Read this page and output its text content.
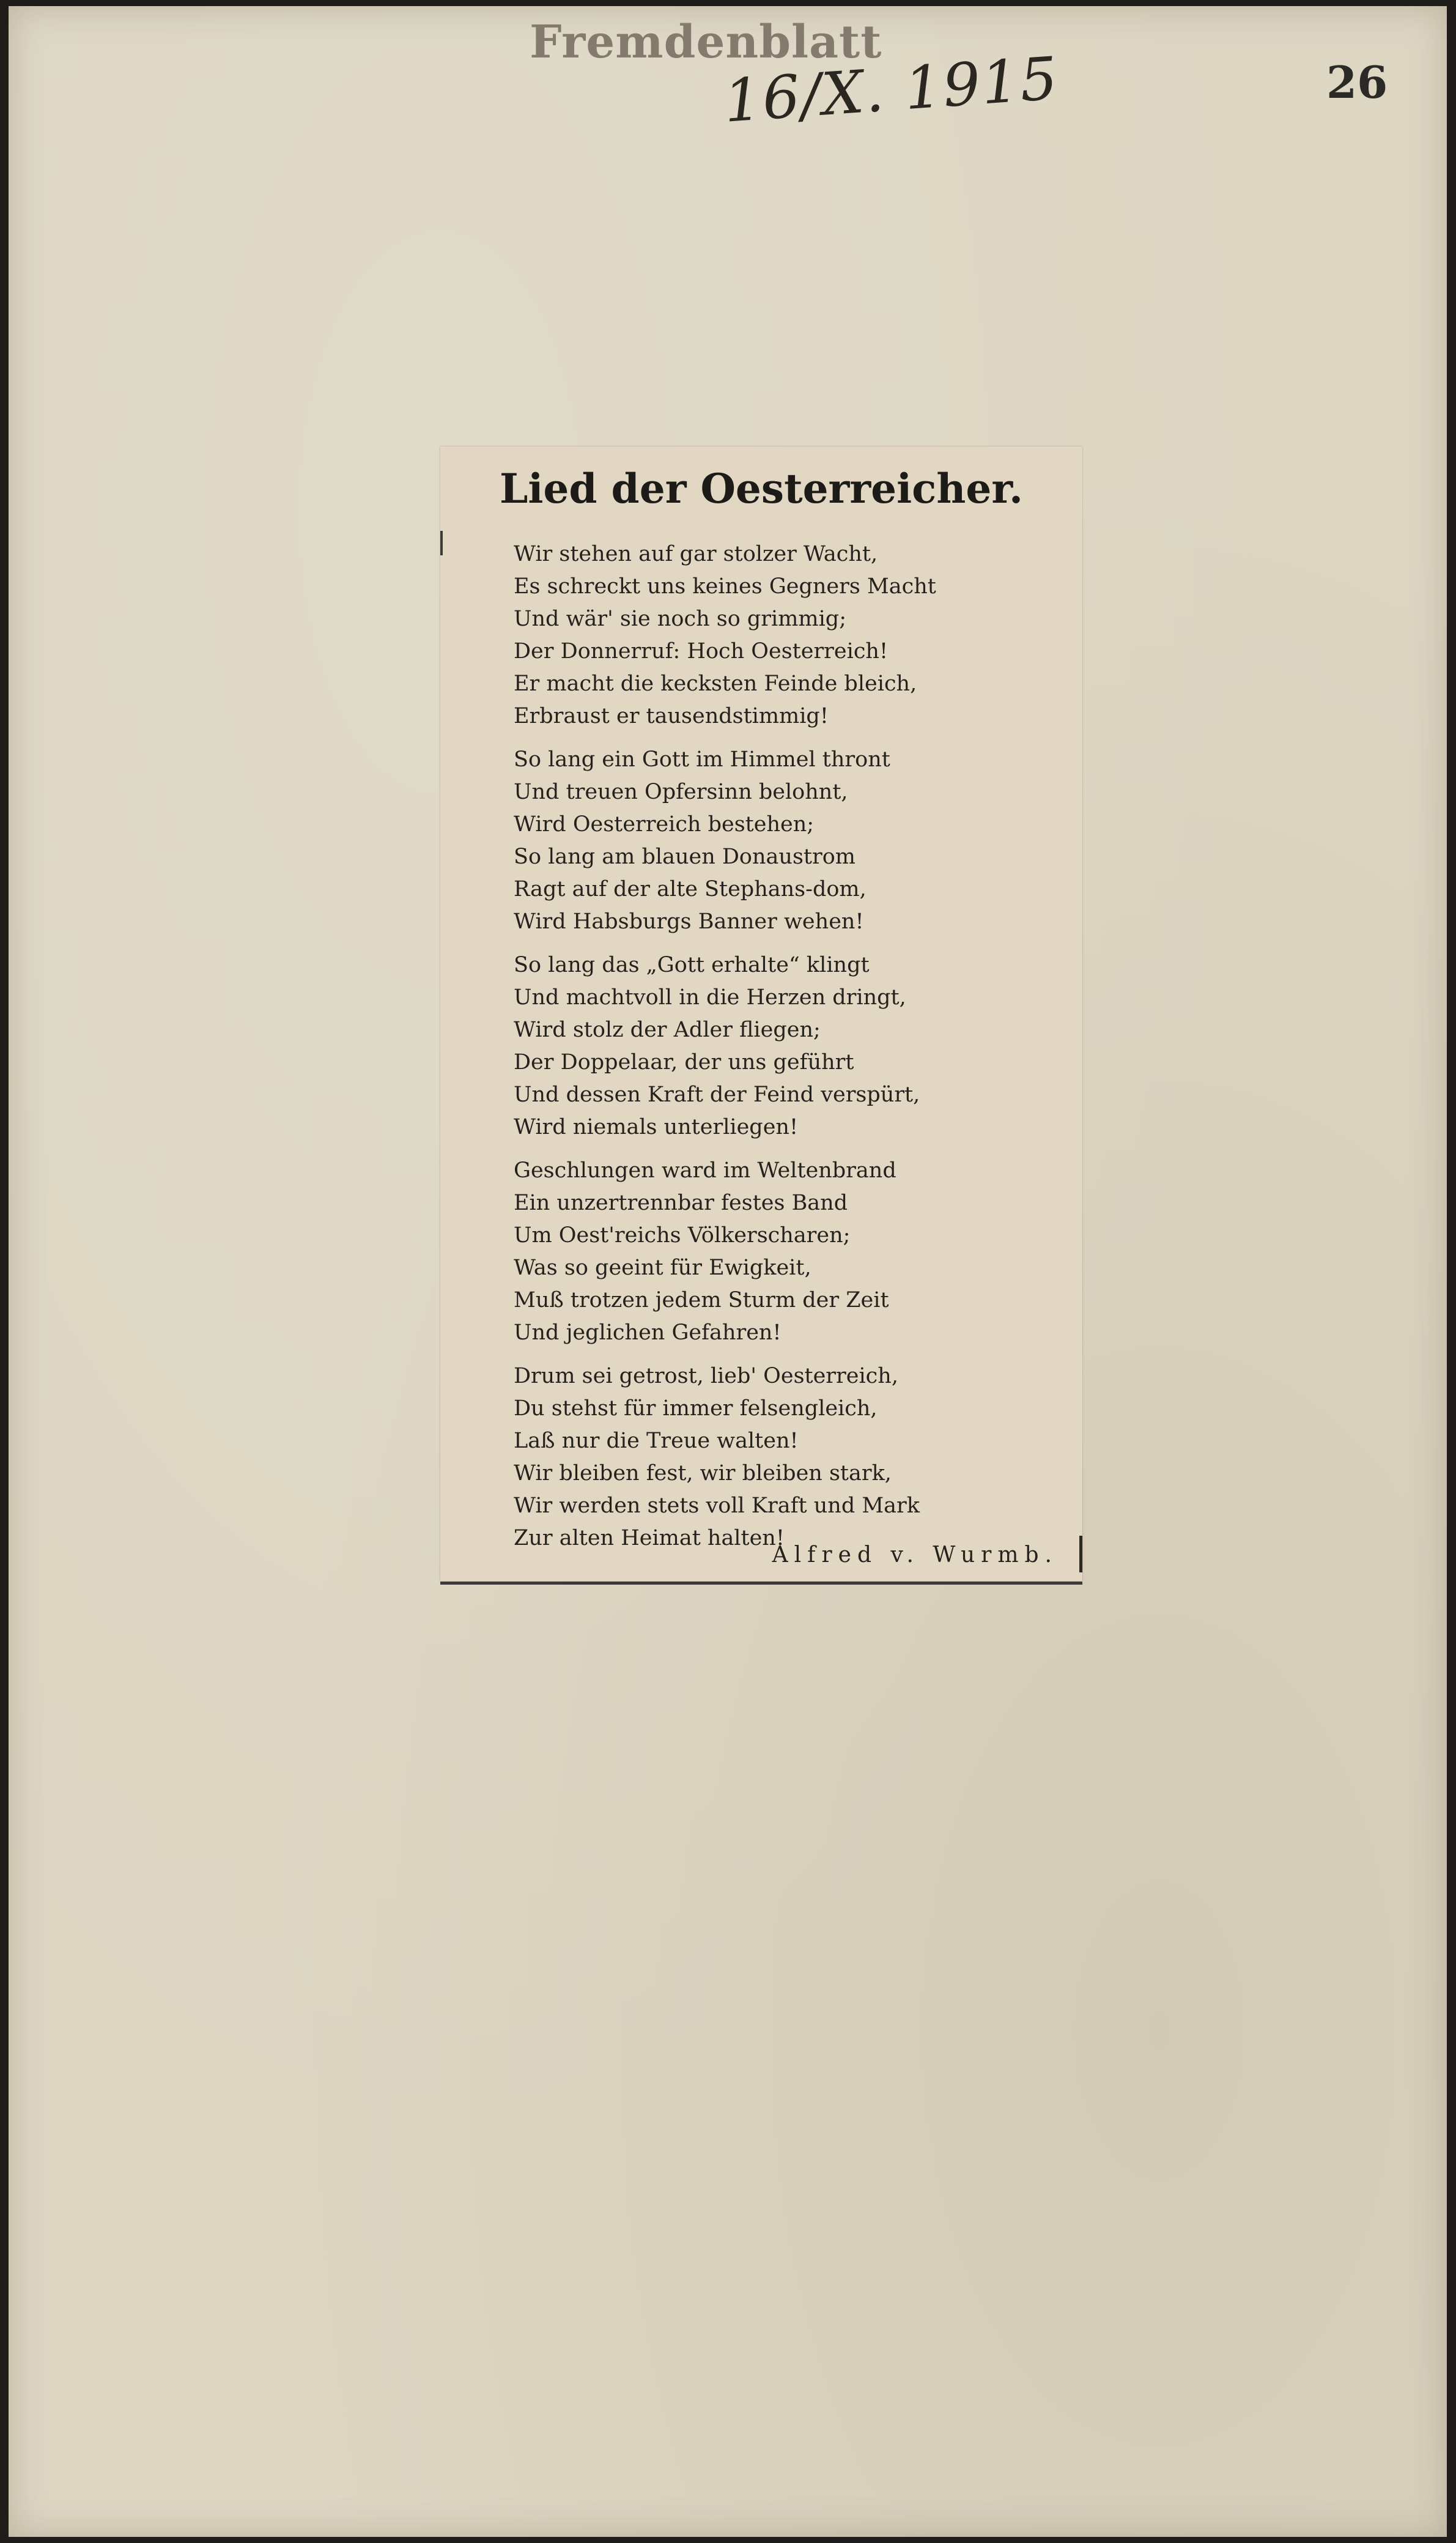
Fremdenblatt
16/X. 1915	26
Lied der Oesterreicher.
Wir stehen auf gar stolzer Wacht,
Es schreckt uns keines Gegners Macht
Und wär' sie noch so grimmig;
Der Donnerruf: Hoch Oesterreich!
Er macht die kecksten Feinde bleich,
Erbraust er tausendstimmig!
So lang ein Gott im Himmel thront
Und treuen Opfersinn belohnt,
Wird Oesterreich bestehen;
So lang am blauen Donaustrom
Ragt auf der alte Stephans-dom,
Wird Habsburgs Banner wehen!
So lang das „Gott erhalte“ klingt
Und machtvoll in die Herzen dringt,
Wird stolz der Adler fliegen;
Der Doppelaar, der uns geführt
Und dessen Kraft der Feind verspürt,
Wird niemals unterliegen!
Geschlungen ward im Weltenbrand
Ein unzertrennbar festes Band
Um Oest'reichs Völkerscharen;
Was so geeint für Ewigkeit,
Muß trotzen jedem Sturm der Zeit
Und jeglichen Gefahren!
Drum sei getrost, lieb' Oesterreich,
Du stehst für immer felsengleich,
Laß nur die Treue walten!
Wir bleiben fest, wir bleiben stark,
Wir werden stets voll Kraft und Mark
Zur alten Heimat halten!
Alfred v. Wurmb.
